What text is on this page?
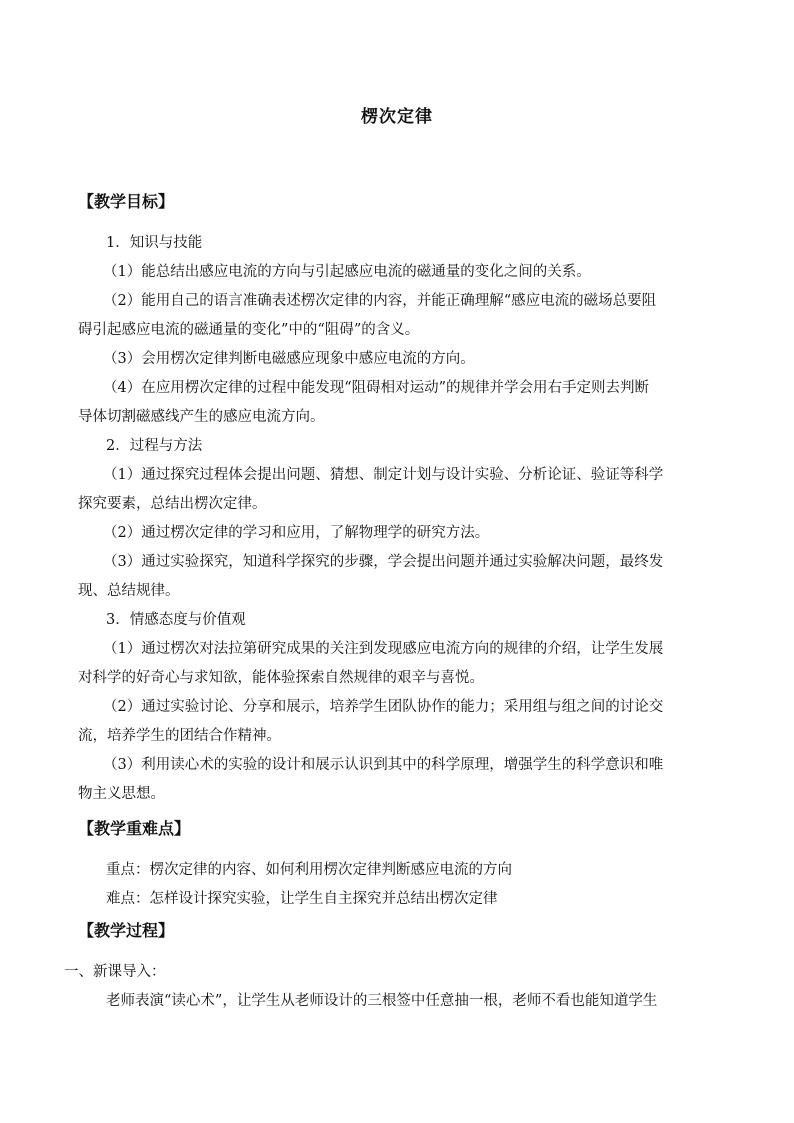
楞次定律
【教学目标】
1．知识与技能
（1）能总结出感应电流的方向与引起感应电流的磁通量的变化之间的关系。
（2）能用自己的语言准确表述楞次定律的内容，并能正确理解“感应电流的磁场总要阻
碍引起感应电流的磁通量的变化”中的“阻碍”的含义。
（3）会用楞次定律判断电磁感应现象中感应电流的方向。
（4）在应用楞次定律的过程中能发现“阻碍相对运动”的规律并学会用右手定则去判断
导体切割磁感线产生的感应电流方向。
2．过程与方法
（1）通过探究过程体会提出问题、猜想、制定计划与设计实验、分析论证、验证等科学
探究要素，总结出楞次定律。
（2）通过楞次定律的学习和应用，了解物理学的研究方法。
（3）通过实验探究，知道科学探究的步骤，学会提出问题并通过实验解决问题，最终发
现、总结规律。
3．情感态度与价值观
（1）通过楞次对法拉第研究成果的关注到发现感应电流方向的规律的介绍，让学生发展
对科学的好奇心与求知欲，能体验探索自然规律的艰辛与喜悦。
（2）通过实验讨论、分享和展示，培养学生团队协作的能力；采用组与组之间的讨论交
流，培养学生的团结合作精神。
（3）利用读心术的实验的设计和展示认识到其中的科学原理，增强学生的科学意识和唯
物主义思想。
【教学重难点】
重点：楞次定律的内容、如何利用楞次定律判断感应电流的方向
难点：怎样设计探究实验，让学生自主探究并总结出楞次定律
【教学过程】
一、新课导入：
老师表演“读心术”，让学生从老师设计的三根签中任意抽一根，老师不看也能知道学生
